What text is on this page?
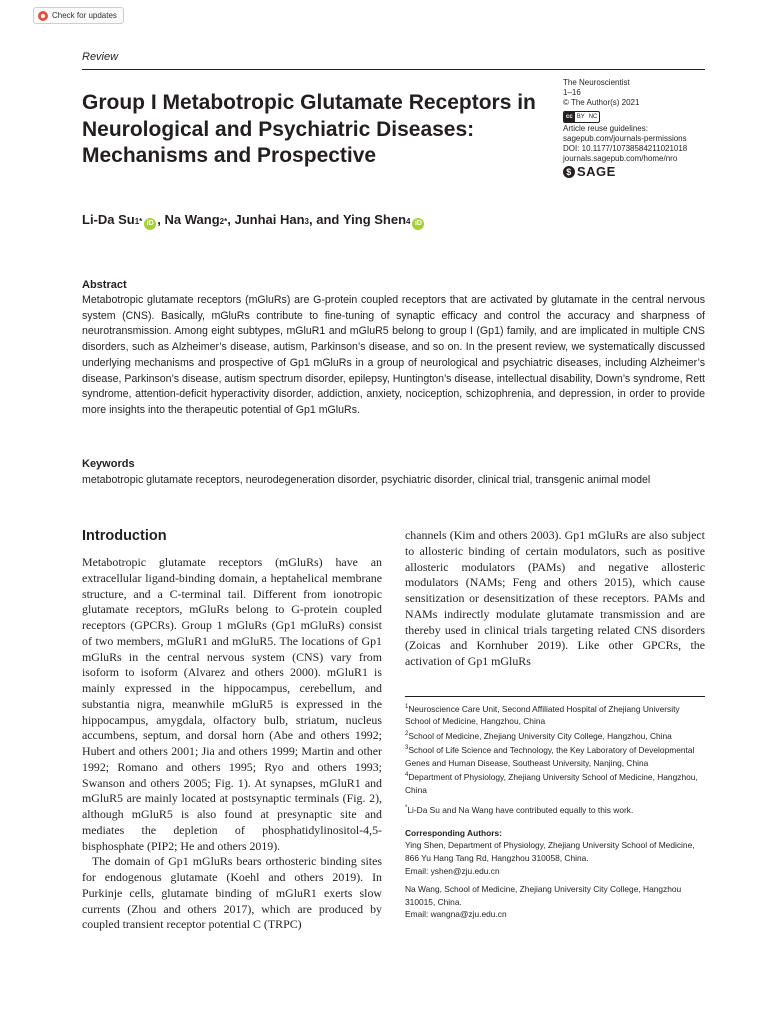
Check for updates
Review
Group I Metabotropic Glutamate Receptors in Neurological and Psychiatric Diseases: Mechanisms and Prospective
The Neuroscientist
1–16
© The Author(s) 2021
cc BY NC
Article reuse guidelines:
sagepub.com/journals-permissions
DOI: 10.1177/10738584211021018
journals.sagepub.com/home/nro
$ SAGE
Li-Da Su 1* iD , Na Wang 2* , Junhai Han 3 , and Ying Shen 4 iD
Abstract

Metabotropic glutamate receptors (mGluRs) are G-protein coupled receptors that are activated by glutamate in the central nervous system (CNS). Basically, mGluRs contribute to fine-tuning of synaptic efficacy and control the accuracy and sharpness of neurotransmission. Among eight subtypes, mGluR1 and mGluR5 belong to group I (Gp1) family, and are implicated in multiple CNS disorders, such as Alzheimer’s disease, autism, Parkinson’s disease, and so on. In the present review, we systematically discussed underlying mechanisms and prospective of Gp1 mGluRs in a group of neurological and psychiatric diseases, including Alzheimer’s disease, Parkinson’s disease, autism spectrum disorder, epilepsy, Huntington’s disease, intellectual disability, Down’s syndrome, Rett syndrome, attention-deficit hyperactivity disorder, addiction, anxiety, nociception, schizophrenia, and depression, in order to provide more insights into the therapeutic potential of Gp1 mGluRs.

Keywords

metabotropic glutamate receptors, neurodegeneration disorder, psychiatric disorder, clinical trial, transgenic animal model

Introduction

Metabotropic glutamate receptors (mGluRs) have an extracellular ligand-binding domain, a heptahelical membrane structure, and a C-terminal tail. Different from ionotropic glutamate receptors, mGluRs belong to G-protein coupled receptors (GPCRs). Group 1 mGluRs (Gp1 mGluRs) consist of two members, mGluR1 and mGluR5. The locations of Gp1 mGluRs in the central nervous system (CNS) vary from isoform to isoform (Alvarez and others 2000). mGluR1 is mainly expressed in the hippocampus, cerebellum, and substantia nigra, meanwhile mGluR5 is expressed in the hippocampus, amygdala, olfactory bulb, striatum, nucleus accumbens, septum, and dorsal horn (Abe and others 1992; Hubert and others 2001; Jia and others 1999; Martin and other 1992; Romano and others 1995; Ryo and others 1993; Swanson and others 2005; Fig. 1). At synapses, mGluR1 and mGluR5 are mainly located at postsynaptic terminals (Fig. 2), although mGluR5 is also found at presynaptic site and mediates the depletion of phosphatidylinositol-4,5-bisphosphate (PIP2; He and others 2019).

The domain of Gp1 mGluRs bears orthosteric binding sites for endogenous glutamate (Koehl and others 2019). In Purkinje cells, glutamate binding of mGluR1 exerts slow currents (Zhou and others 2017), which are produced by coupled transient receptor potential C (TRPC)

channels (Kim and others 2003). Gp1 mGluRs are also subject to allosteric binding of certain modulators, such as positive allosteric modulators (PAMs) and negative allosteric modulators (NAMs; Feng and others 2015), which cause sensitization or desensitization of these receptors. PAMs and NAMs indirectly modulate glutamate transmission and are thereby used in clinical trials targeting related CNS disorders (Zoicas and Kornhuber 2019). Like other GPCRs, the activation of Gp1 mGluRs

$^1$Neuroscience Care Unit, Second Affiliated Hospital of Zhejiang University School of Medicine, Hangzhou, China
$^2$School of Medicine, Zhejiang University City College, Hangzhou, China
$^3$School of Life Science and Technology, the Key Laboratory of Developmental Genes and Human Disease, Southeast University, Nanjing, China
$^4$Department of Physiology, Zhejiang University School of Medicine, Hangzhou, China
*Li-Da Su and Na Wang have contributed equally to this work.
Corresponding Authors:
Ying Shen, Department of Physiology, Zhejiang University School of Medicine, 866 Yu Hang Tang Rd, Hangzhou 310058, China.
Email: yshen@zju.edu.cn
Na Wang, School of Medicine, Zhejiang University City College, Hangzhou 310015, China.
Email: wangna@zju.edu.cn
